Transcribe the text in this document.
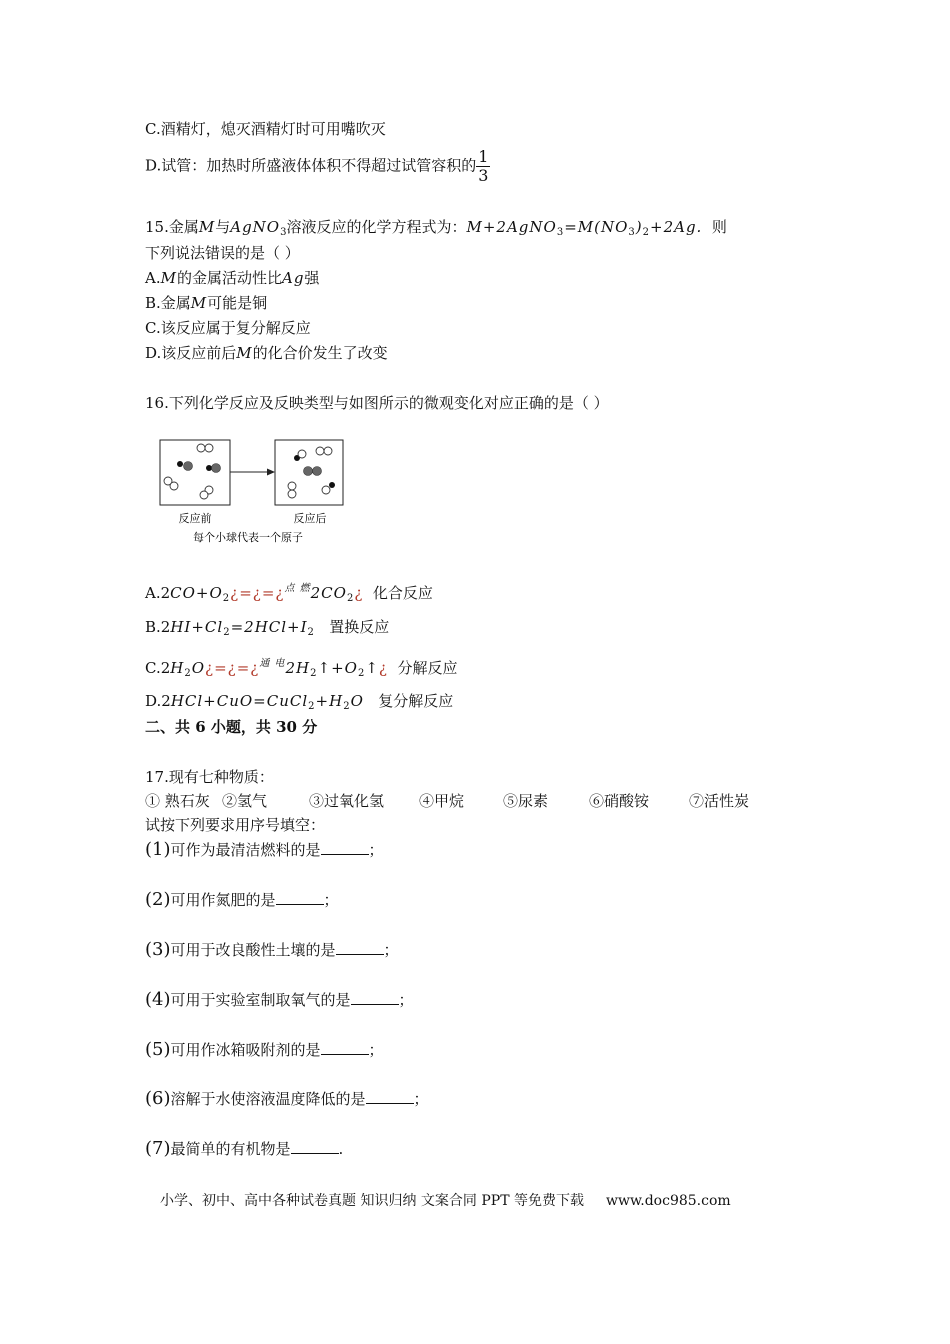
C.酒精灯，熄灭酒精灯时可用嘴吹灭
D.试管：加热时所盛液体体积不得超过试管容积的 $\frac{1}{3}$
15.金属M与AgNO$_3$溶液反应的化学方程式为：$M+2AgNO_3=M(NO_3)_2+2Ag$. 则
下列说法错误的是（ ）
A.M的金属活动性比Ag强
B.金属M可能是铜
C.该反应属于复分解反应
D.该反应前后M的化合价发生了改变
16.下列化学反应及反映类型与如图所示的微观变化对应正确的是（ ）
反应前	反应后
每个小球代表一个原子
$A.2CO+O_2¿=¿=¿^{点 燃}2CO_2¿$ 化合反应
$B.2HI+Cl_2=2HCl+I_2$ 置换反应
$C.2H_2O¿=¿=¿^{通 电}2H_2↑+O_2↑¿$ 分解反应
$D.2HCl+CuO=CuCl_2+H_2O$ 复分解反应
二、共 6 小题，共 30 分
17.现有七种物质：
① 熟石灰 ②氢气	③过氧化氢 ④甲烷	⑤尿素	⑥硝酸铵	⑦活性炭
试按下列要求用序号填空：
(1)可作为最清洁燃料的是	；
(2)可用作氮肥的是	；
(3)可用于改良酸性土壤的是	；
(4)可用于实验室制取氧气的是	；
(5)可用作冰箱吸附剂的是	；
(6)溶解于水使溶液温度降低的是	；
(7)最简单的有机物是	.
小学、初中、高中各种试卷真题 知识归纳 文案合同 PPT 等免费下载 www.doc985.com
